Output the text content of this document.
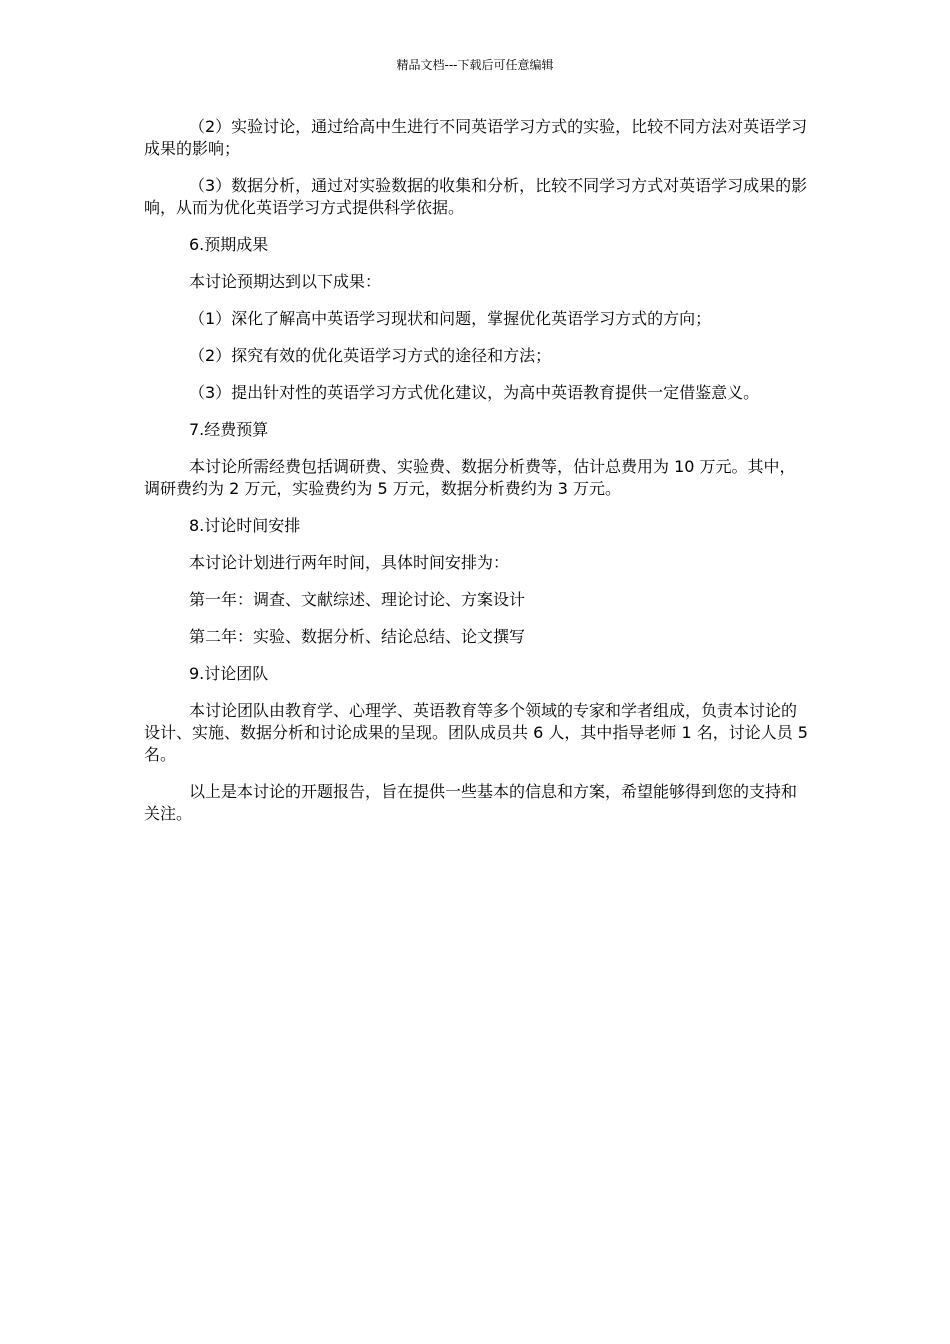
精品文档---下载后可任意编辑

（2）实验讨论，通过给高中生进行不同英语学习方式的实验，比较不同方法对英语学习成果的影响；

（3）数据分析，通过对实验数据的收集和分析，比较不同学习方式对英语学习成果的影响，从而为优化英语学习方式提供科学依据。

6.预期成果

本讨论预期达到以下成果：

（1）深化了解高中英语学习现状和问题，掌握优化英语学习方式的方向；

（2）探究有效的优化英语学习方式的途径和方法；

（3）提出针对性的英语学习方式优化建议，为高中英语教育提供一定借鉴意义。

7.经费预算

本讨论所需经费包括调研费、实验费、数据分析费等，估计总费用为 10 万元。其中，调研费约为 2 万元，实验费约为 5 万元，数据分析费约为 3 万元。

8.讨论时间安排

本讨论计划进行两年时间，具体时间安排为：

第一年：调查、文献综述、理论讨论、方案设计

第二年：实验、数据分析、结论总结、论文撰写

9.讨论团队

本讨论团队由教育学、心理学、英语教育等多个领域的专家和学者组成，负责本讨论的设计、实施、数据分析和讨论成果的呈现。团队成员共 6 人，其中指导老师 1 名，讨论人员 5 名。

以上是本讨论的开题报告，旨在提供一些基本的信息和方案，希望能够得到您的支持和关注。
